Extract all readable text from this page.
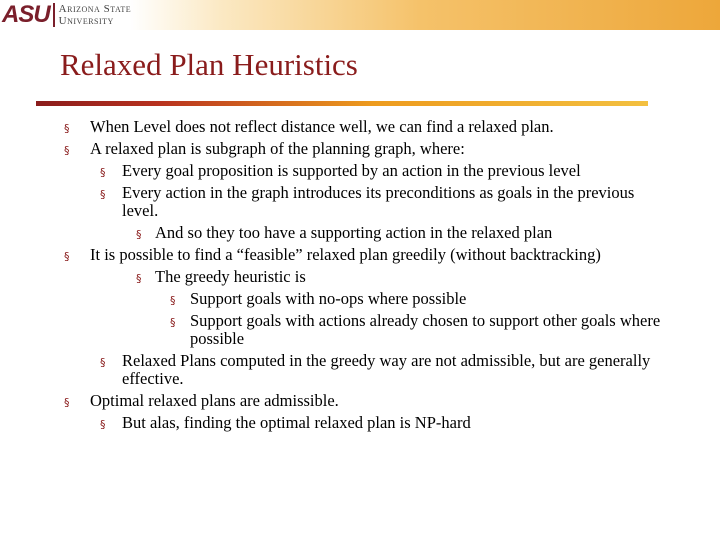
ASU Arizona State
University
Relaxed Plan Heuristics
§ When Level does not reflect distance well, we can find a relaxed plan.
§ A relaxed plan is subgraph of the planning graph, where:
§ Every goal proposition is supported by an action in the previous level
§ Every action in the graph introduces its preconditions as goals in the previous level.
§ And so they too have a supporting action in the relaxed plan
§ It is possible to find a “feasible” relaxed plan greedily (without backtracking)
§ The greedy heuristic is
§ Support goals with no-ops where possible
§ Support goals with actions already chosen to support other goals where possible
§ Relaxed Plans computed in the greedy way are not admissible, but are generally effective.
§ Optimal relaxed plans are admissible.
§ But alas, finding the optimal relaxed plan is NP-hard
